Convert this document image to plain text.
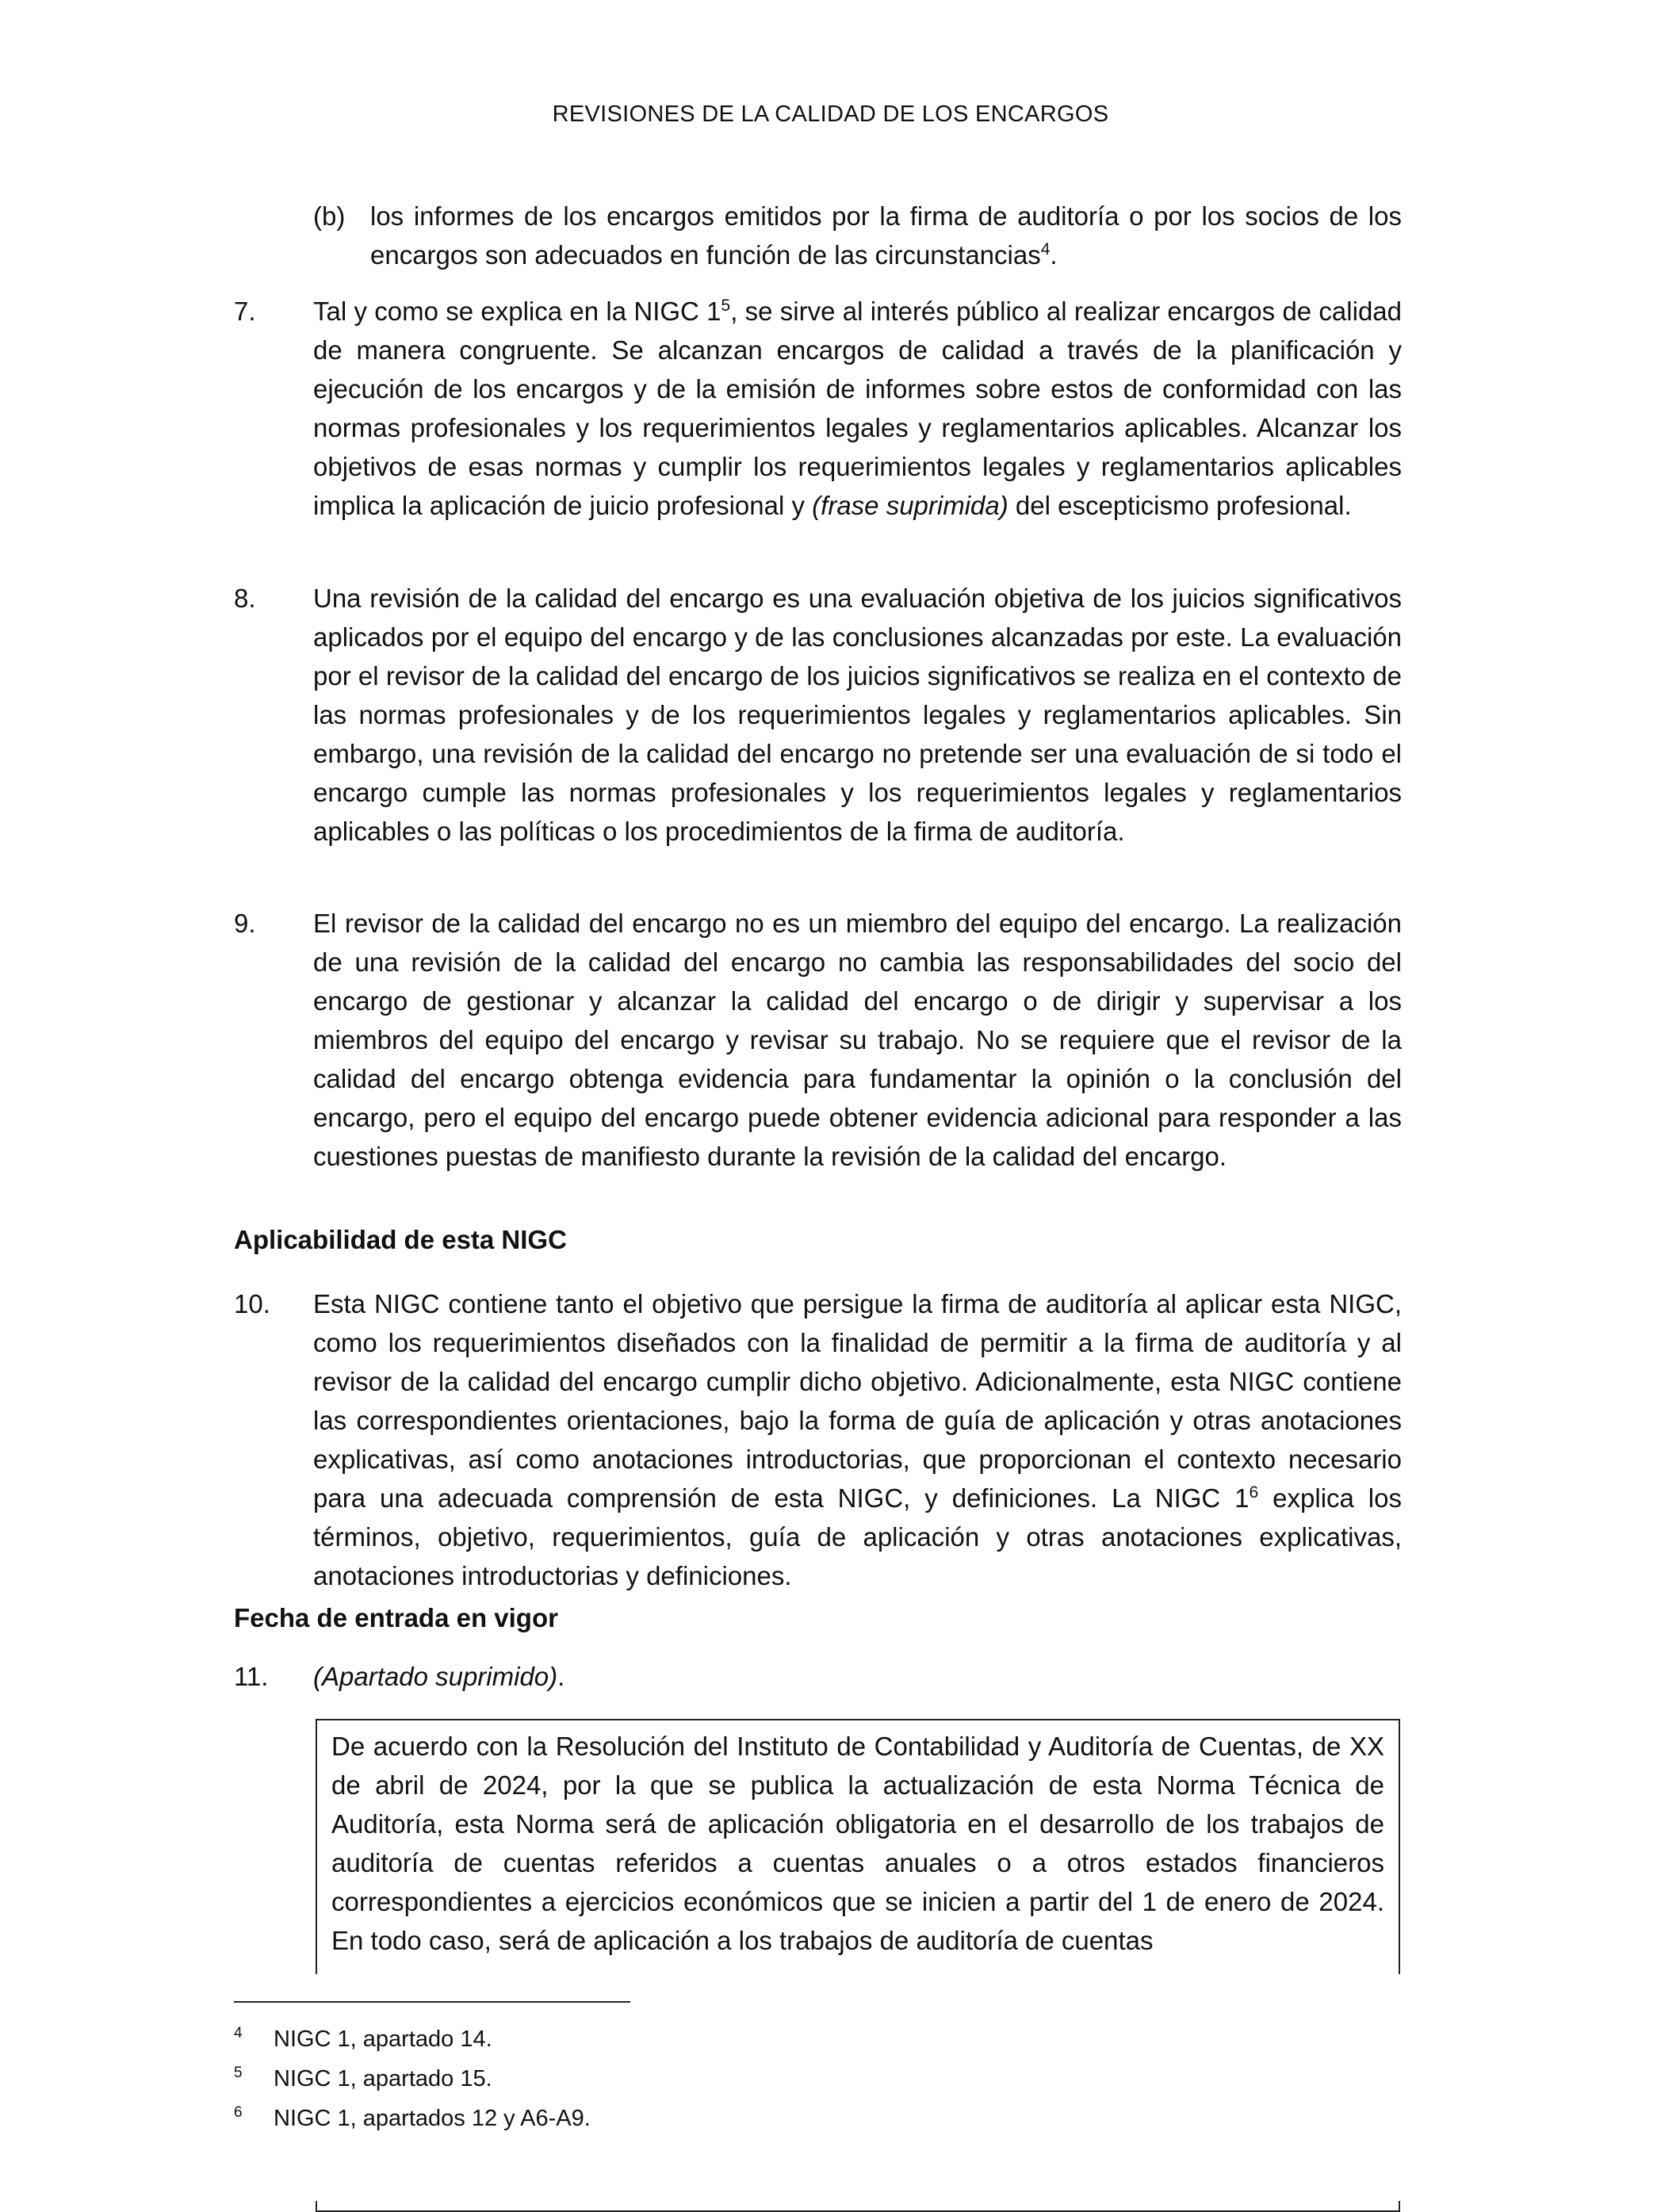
REVISIONES DE LA CALIDAD DE LOS ENCARGOS
(b) los informes de los encargos emitidos por la firma de auditoría o por los socios de los encargos son adecuados en función de las circunstancias$^4$.
7. Tal y como se explica en la NIGC $1^5$, se sirve al interés público al realizar encargos de calidad de manera congruente. Se alcanzan encargos de calidad a través de la planificación y ejecución de los encargos y de la emisión de informes sobre estos de conformidad con las normas profesionales y los requerimientos legales y reglamentarios aplicables. Alcanzar los objetivos de esas normas y cumplir los requerimientos legales y reglamentarios aplicables implica la aplicación de juicio profesional y (frase suprimida) del escepticismo profesional.
8. Una revisión de la calidad del encargo es una evaluación objetiva de los juicios significativos aplicados por el equipo del encargo y de las conclusiones alcanzadas por este. La evaluación por el revisor de la calidad del encargo de los juicios significativos se realiza en el contexto de las normas profesionales y de los requerimientos legales y reglamentarios aplicables. Sin embargo, una revisión de la calidad del encargo no pretende ser una evaluación de si todo el encargo cumple las normas profesionales y los requerimientos legales y reglamentarios aplicables o las políticas o los procedimientos de la firma de auditoría.
9. El revisor de la calidad del encargo no es un miembro del equipo del encargo. La realización de una revisión de la calidad del encargo no cambia las responsabilidades del socio del encargo de gestionar y alcanzar la calidad del encargo o de dirigir y supervisar a los miembros del equipo del encargo y revisar su trabajo. No se requiere que el revisor de la calidad del encargo obtenga evidencia para fundamentar la opinión o la conclusión del encargo, pero el equipo del encargo puede obtener evidencia adicional para responder a las cuestiones puestas de manifiesto durante la revisión de la calidad del encargo.
Aplicabilidad de esta NIGC
10. Esta NIGC contiene tanto el objetivo que persigue la firma de auditoría al aplicar esta NIGC, como los requerimientos diseñados con la finalidad de permitir a la firma de auditoría y al revisor de la calidad del encargo cumplir dicho objetivo. Adicionalmente, esta NIGC contiene las correspondientes orientaciones, bajo la forma de guía de aplicación y otras anotaciones explicativas, así como anotaciones introductorias, que proporcionan el contexto necesario para una adecuada comprensión de esta NIGC, y definiciones. La NIGC $1^6$ explica los términos, objetivo, requerimientos, guía de aplicación y otras anotaciones explicativas, anotaciones introductorias y definiciones.
Fecha de entrada en vigor
11. (Apartado suprimido).
De acuerdo con la Resolución del Instituto de Contabilidad y Auditoría de Cuentas, de XX de abril de 2024, por la que se publica la actualización de esta Norma Técnica de Auditoría, esta Norma será de aplicación obligatoria en el desarrollo de los trabajos de auditoría de cuentas referidos a cuentas anuales o a otros estados financieros correspondientes a ejercicios económicos que se inicien a partir del 1 de enero de 2024. En todo caso, será de aplicación a los trabajos de auditoría de cuentas
4 NIGC 1, apartado 14.
5 NIGC 1, apartado 15.
6 NIGC 1, apartados 12 y A6-A9.
